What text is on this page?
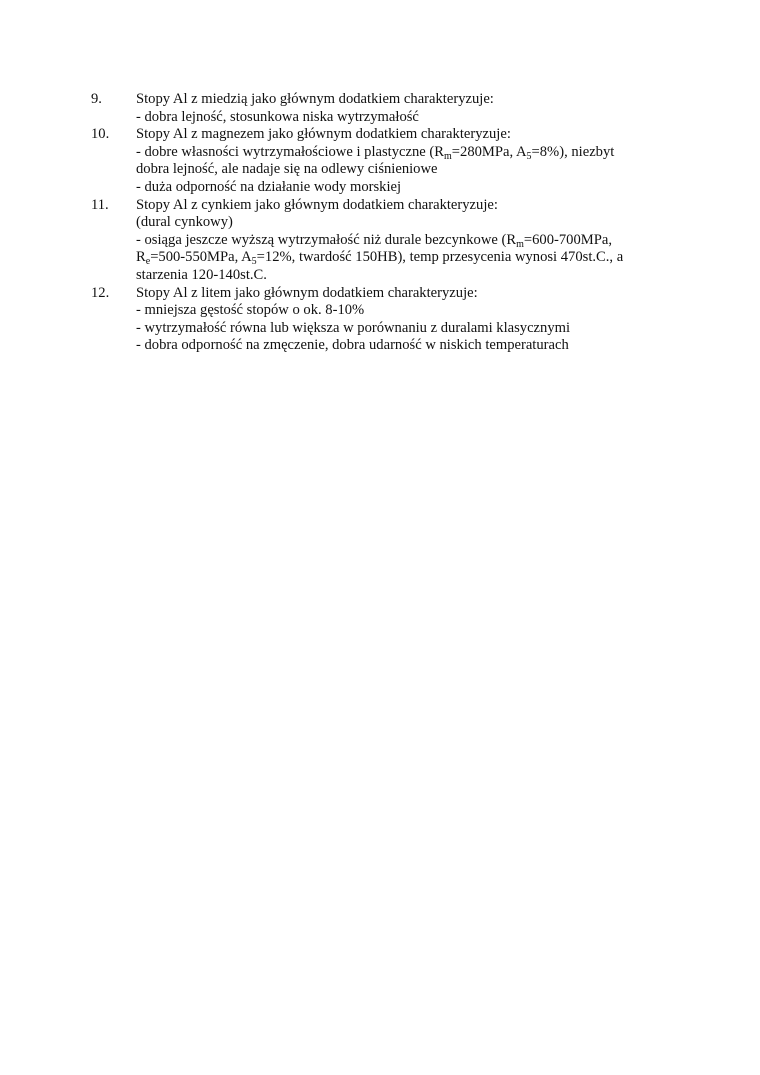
9.	Stopy Al z miedzią jako głównym dodatkiem charakteryzuje:
- dobra lejność, stosunkowa niska wytrzymałość
10.	Stopy Al z magnezem jako głównym dodatkiem charakteryzuje:
- dobre własności wytrzymałościowe i plastyczne ($R_m=280MPa$, $A_5=8\%$), niezbyt
dobra lejność, ale nadaje się na odlewy ciśnieniowe
- duża odporność na działanie wody morskiej
11.	Stopy Al z cynkiem jako głównym dodatkiem charakteryzuje:
(dural cynkowy)
- osiąga jeszcze wyższą wytrzymałość niż durale bezcynkowe ($R_m=600-700MPa$,
$R_e=500-550MPa$, $A_5=12\%$, twardość 150HB), temp przesycenia wynosi 470st.C., a
starzenia 120-140st.C.
12.	Stopy Al z litem jako głównym dodatkiem charakteryzuje:
- mniejsza gęstość stopów o ok. 8-10%
- wytrzymałość równa lub większa w porównaniu z duralami klasycznymi
- dobra odporność na zmęczenie, dobra udarność w niskich temperaturach
